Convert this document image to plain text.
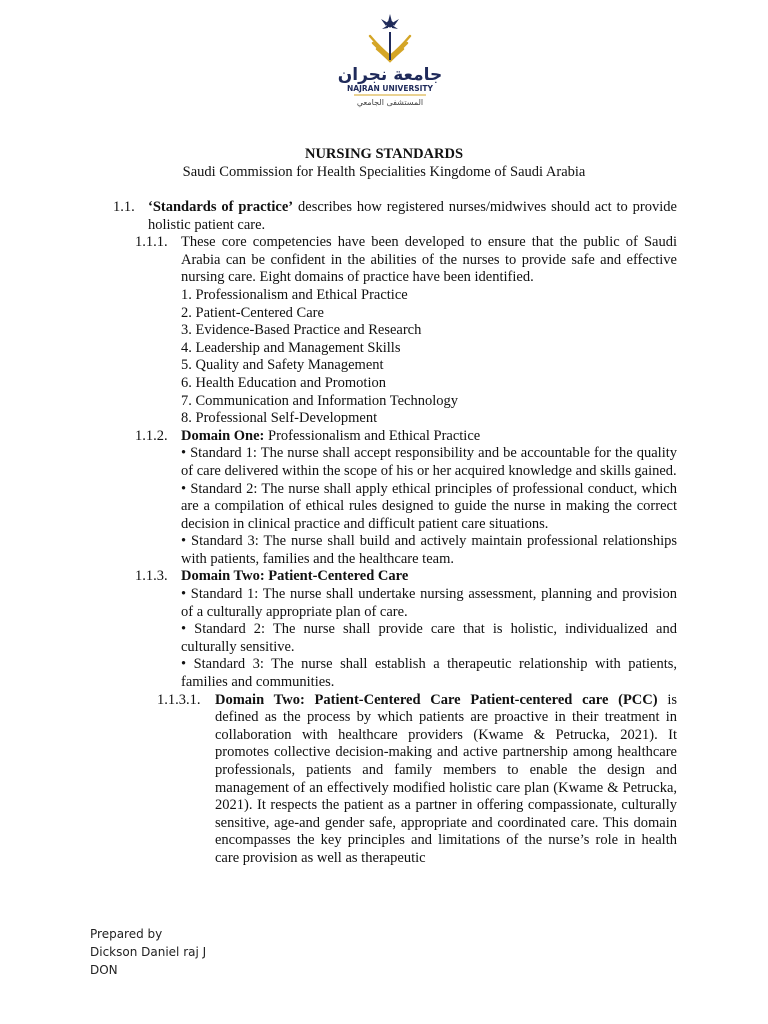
جامعة نجران
NAJRAN UNIVERSITY
المستشفى الجامعي
NURSING STANDARDS
Saudi Commission for Health Specialities Kingdome of Saudi Arabia
1.1. ‘Standards of practice’ describes how registered nurses/midwives should act to provide holistic patient care.
1.1.1. These core competencies have been developed to ensure that the public of Saudi Arabia can be confident in the abilities of the nurses to provide safe and effective nursing care. Eight domains of practice have been identified.
1. Professionalism and Ethical Practice
2. Patient-Centered Care
3. Evidence-Based Practice and Research
4. Leadership and Management Skills
5. Quality and Safety Management
6. Health Education and Promotion
7. Communication and Information Technology
8. Professional Self-Development
1.1.2. Domain One: Professionalism and Ethical Practice
• Standard 1: The nurse shall accept responsibility and be accountable for the quality of care delivered within the scope of his or her acquired knowledge and skills gained.
• Standard 2: The nurse shall apply ethical principles of professional conduct, which are a compilation of ethical rules designed to guide the nurse in making the correct decision in clinical practice and difficult patient care situations.
• Standard 3: The nurse shall build and actively maintain professional relationships with patients, families and the healthcare team.
1.1.3. Domain Two: Patient-Centered Care
• Standard 1: The nurse shall undertake nursing assessment, planning and provision of a culturally appropriate plan of care.
• Standard 2: The nurse shall provide care that is holistic, individualized and culturally sensitive.
• Standard 3: The nurse shall establish a therapeutic relationship with patients, families and communities.
1.1.3.1. Domain Two: Patient-Centered Care Patient-centered care (PCC) is defined as the process by which patients are proactive in their treatment in collaboration with healthcare providers (Kwame & Petrucka, 2021). It promotes collective decision-making and active partnership among healthcare professionals, patients and family members to enable the design and management of an effectively modified holistic care plan (Kwame & Petrucka, 2021). It respects the patient as a partner in offering compassionate, culturally sensitive, age-and gender safe, appropriate and coordinated care. This domain encompasses the key principles and limitations of the nurse’s role in health care provision as well as therapeutic
Prepared by
Dickson Daniel raj J
DON
